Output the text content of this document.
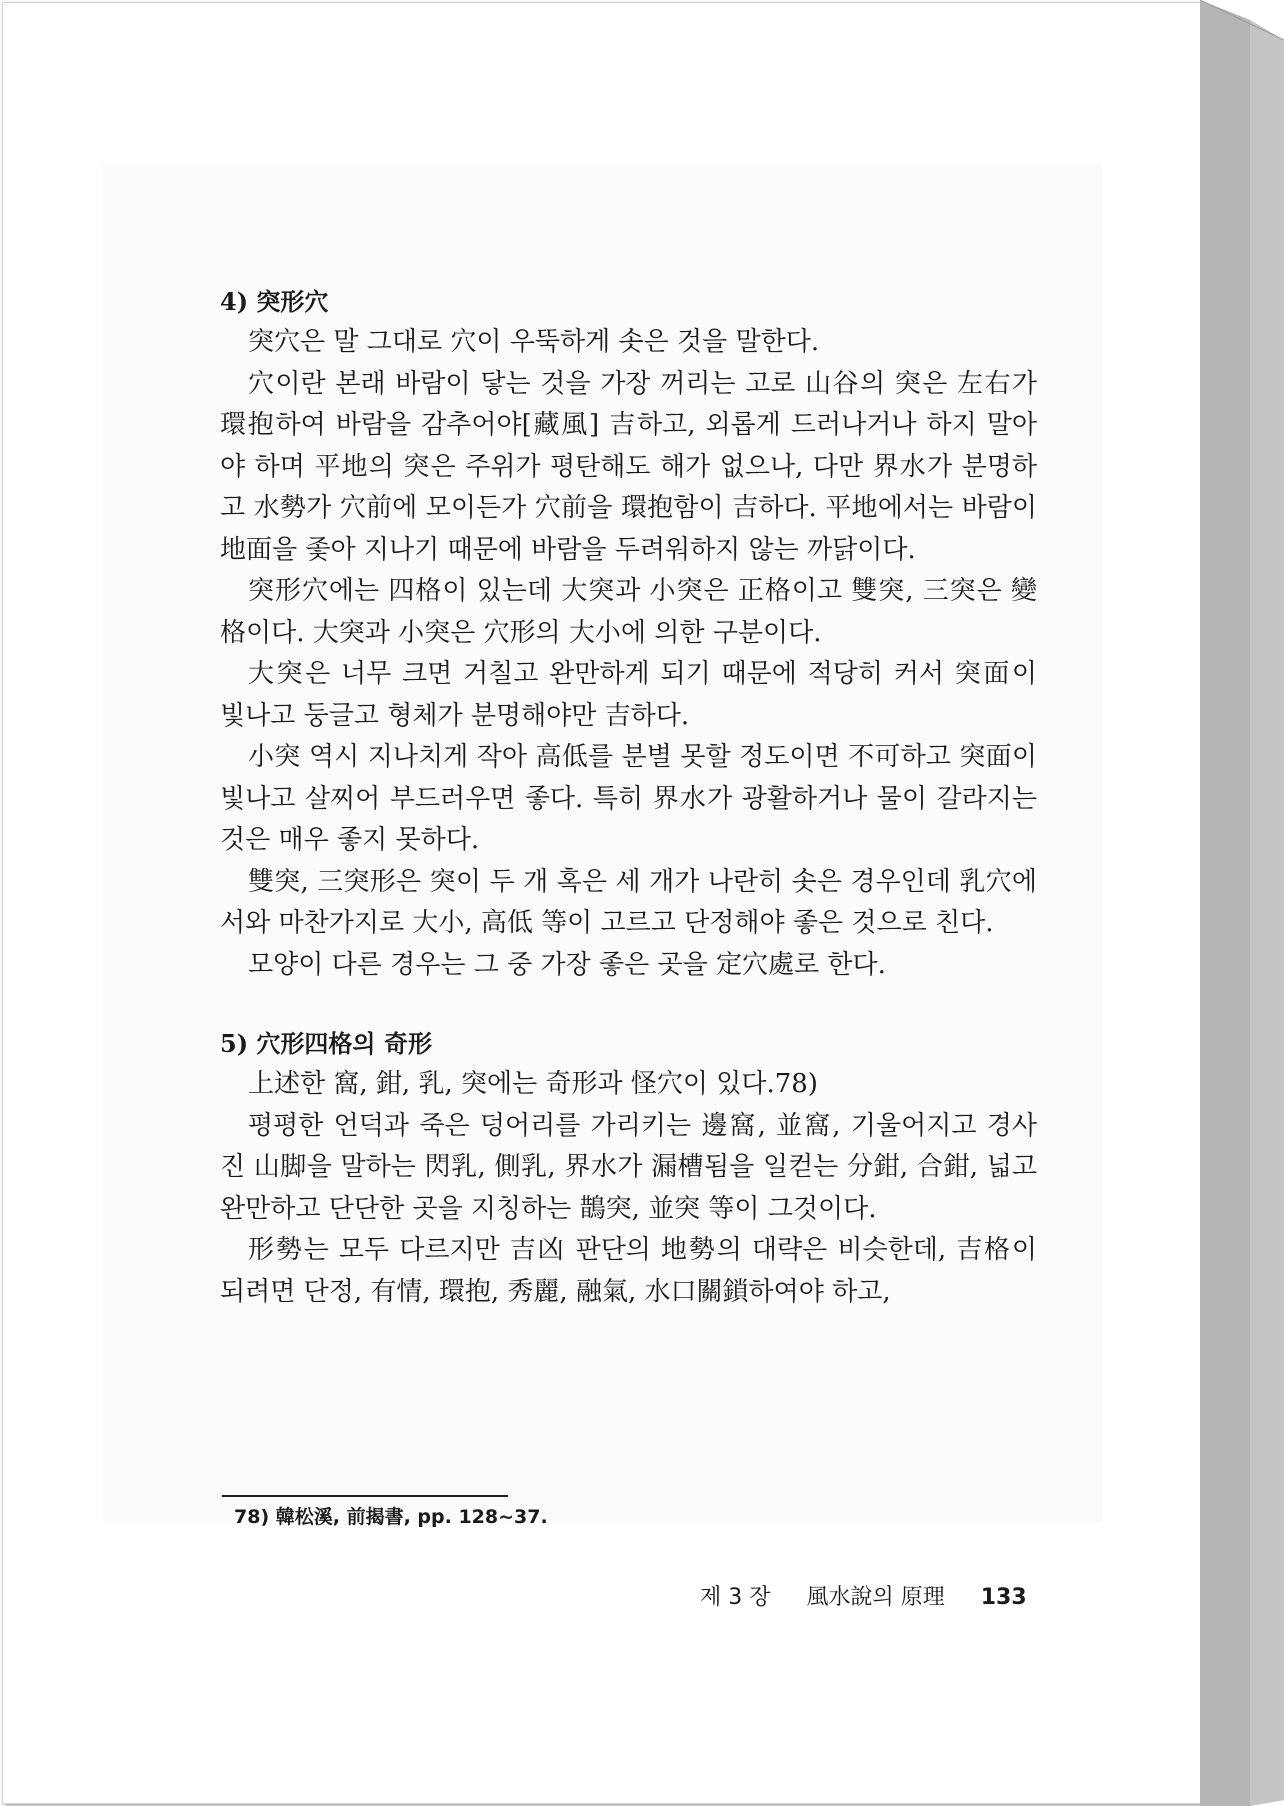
4) 突形穴

突穴은 말 그대로 穴이 우뚝하게 솟은 것을 말한다.

穴이란 본래 바람이 닿는 것을 가장 꺼리는 고로 山谷의 突은 左右가 環抱하여 바람을 감추어야[藏風] 吉하고, 외롭게 드러나거나 하지 말아야 하며 平地의 突은 주위가 평탄해도 해가 없으나, 다만 界水가 분명하고 水勢가 穴前에 모이든가 穴前을 環抱함이 吉하다. 平地에서는 바람이 地面을 좇아 지나기 때문에 바람을 두려워하지 않는 까닭이다.

突形穴에는 四格이 있는데 大突과 小突은 正格이고 雙突, 三突은 變格이다. 大突과 小突은 穴形의 大小에 의한 구분이다.

大突은 너무 크면 거칠고 완만하게 되기 때문에 적당히 커서 突面이 빛나고 둥글고 형체가 분명해야만 吉하다.

小突 역시 지나치게 작아 高低를 분별 못할 정도이면 不可하고 突面이 빛나고 살찌어 부드러우면 좋다. 특히 界水가 광활하거나 물이 갈라지는 것은 매우 좋지 못하다.

雙突, 三突形은 突이 두 개 혹은 세 개가 나란히 솟은 경우인데 乳穴에서와 마찬가지로 大小, 高低 等이 고르고 단정해야 좋은 것으로 친다.

모양이 다른 경우는 그 중 가장 좋은 곳을 定穴處로 한다.

5) 穴形四格의 奇形

上述한 窩, 鉗, 乳, 突에는 奇形과 怪穴이 있다.78)

평평한 언덕과 죽은 덩어리를 가리키는 邊窩, 並窩, 기울어지고 경사진 山脚을 말하는 閃乳, 側乳, 界水가 漏槽됨을 일컫는 分鉗, 合鉗, 넓고 완만하고 단단한 곳을 지칭하는 鵲突, 並突 等이 그것이다.

形勢는 모두 다르지만 吉凶 판단의 地勢의 대략은 비슷한데, 吉格이 되려면 단정, 有情, 環抱, 秀麗, 融氣, 水口關鎖하여야 하고,

78) 韓松溪, 前揭書, pp. 128~37.
제 3 장 風水說의 原理 133
